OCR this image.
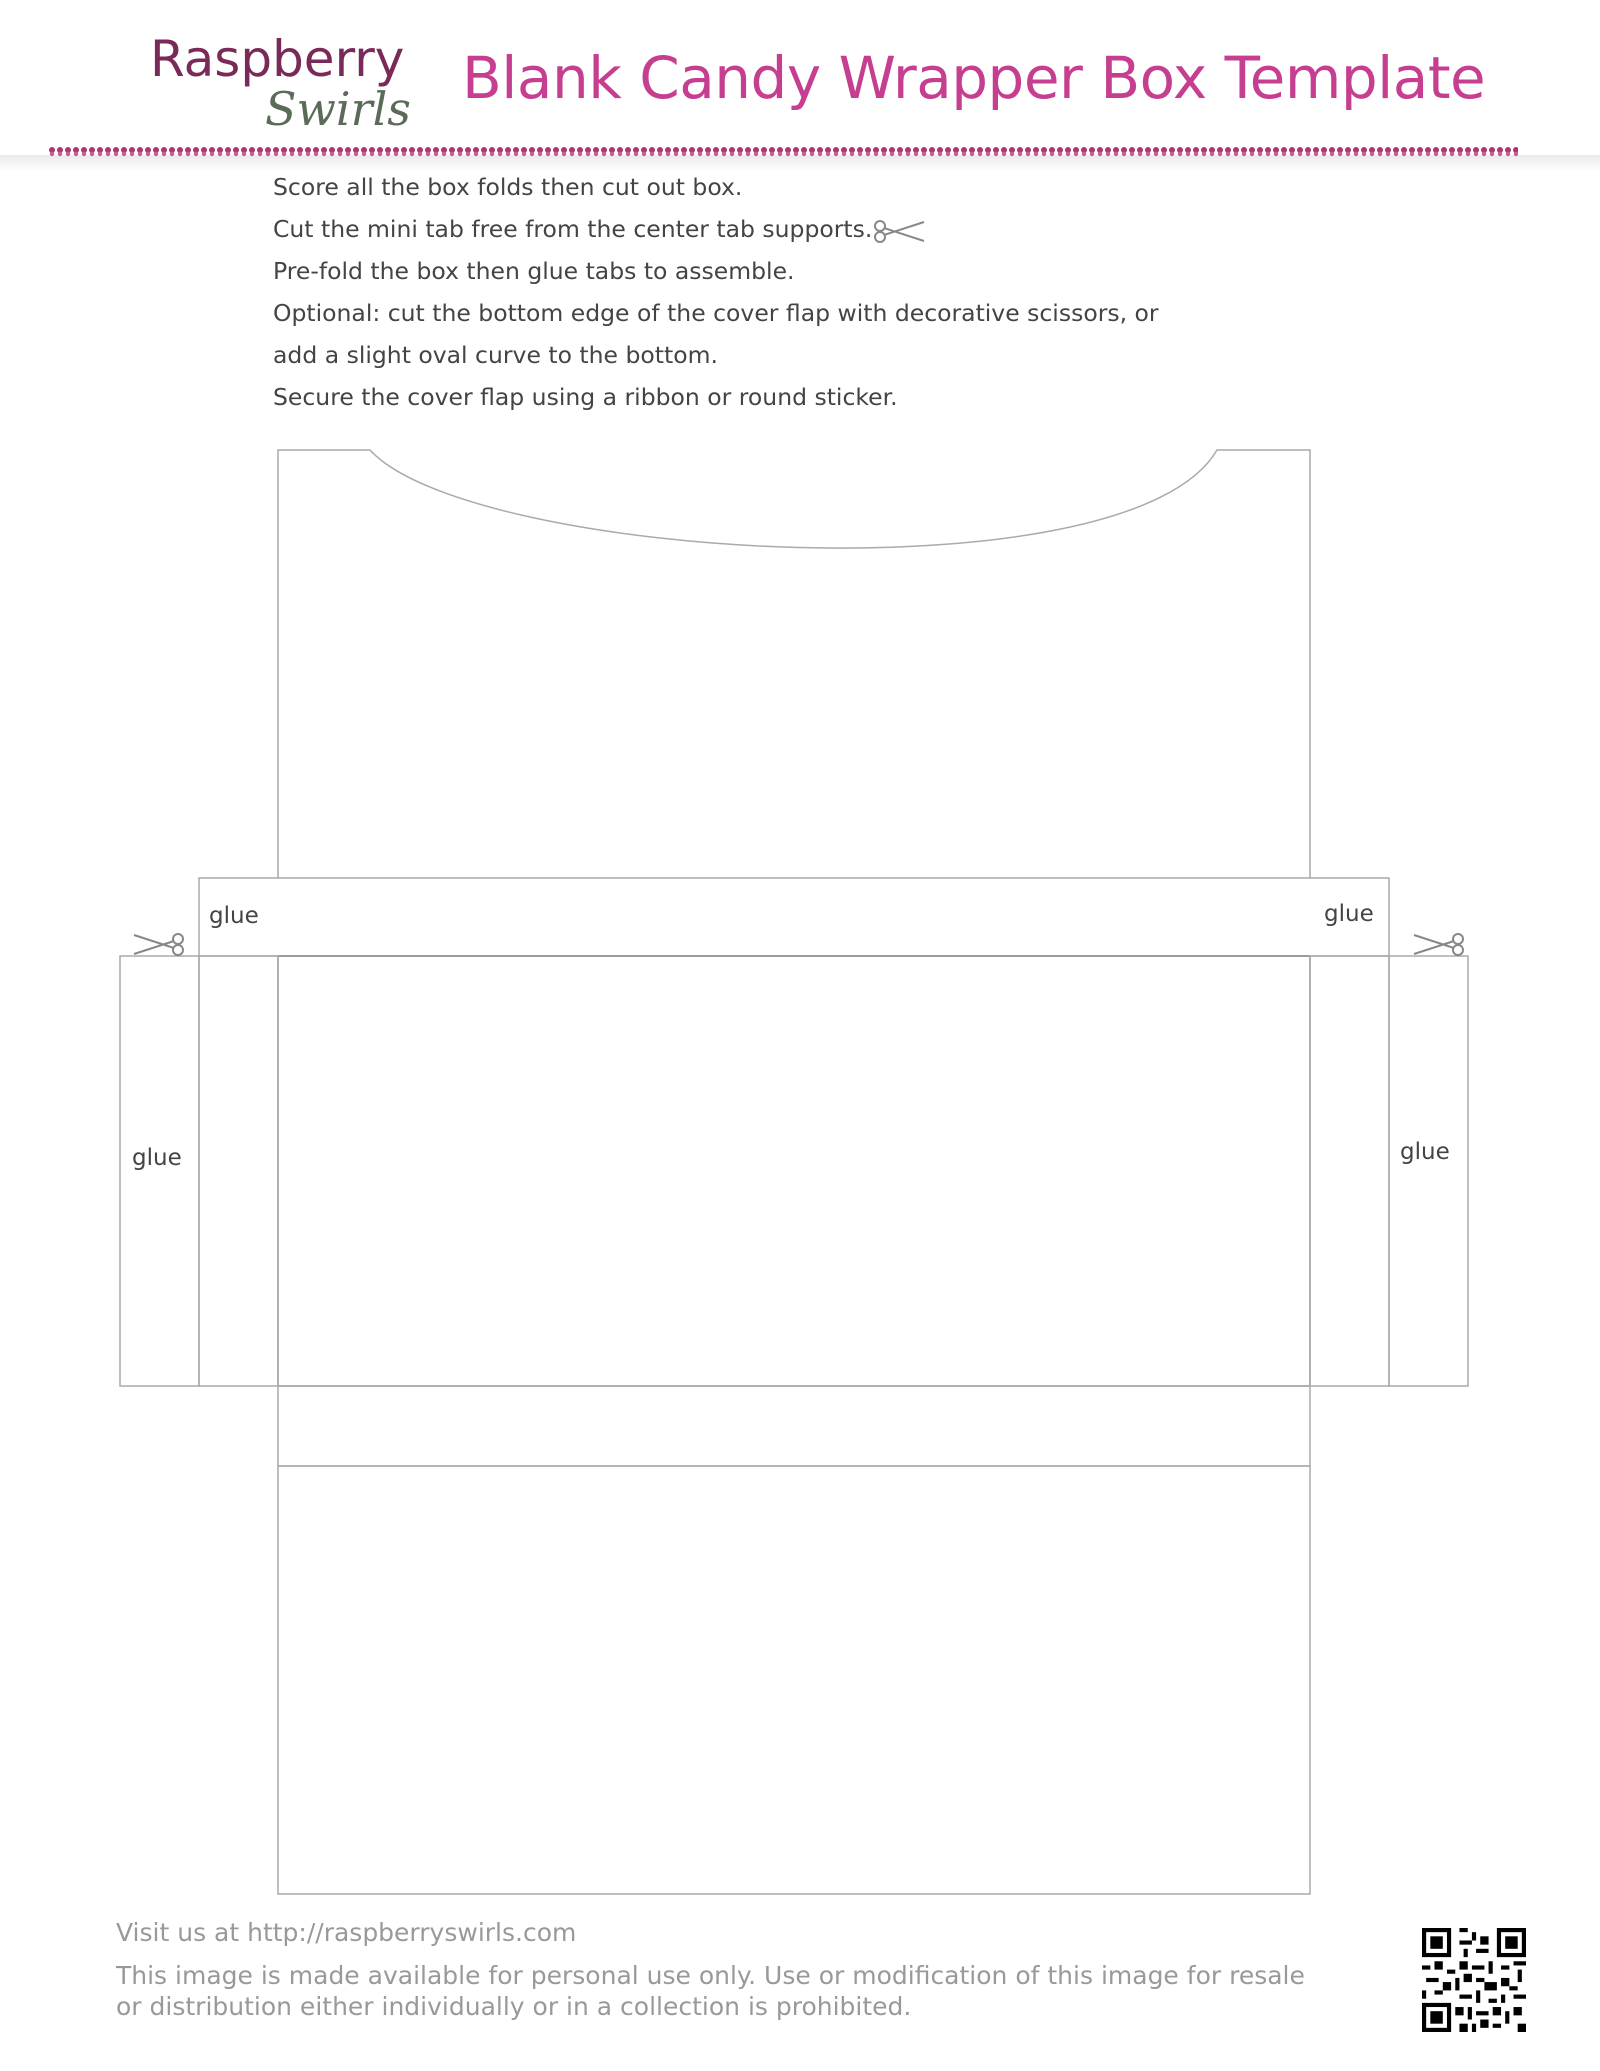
Raspberry
Swirls Blank Candy Wrapper Box Template
Score all the box folds then cut out box.
Cut the mini tab free from the center tab supports.
Pre-fold the box then glue tabs to assemble.
Optional: cut the bottom edge of the cover flap with decorative scissors, or
add a slight oval curve to the bottom.
Secure the cover flap using a ribbon or round sticker.
glue	glue
glue	glue
Visit us at http://raspberryswirls.com
This image is made available for personal use only. Use or modification of this image for resale
or distribution either individually or in a collection is prohibited.
